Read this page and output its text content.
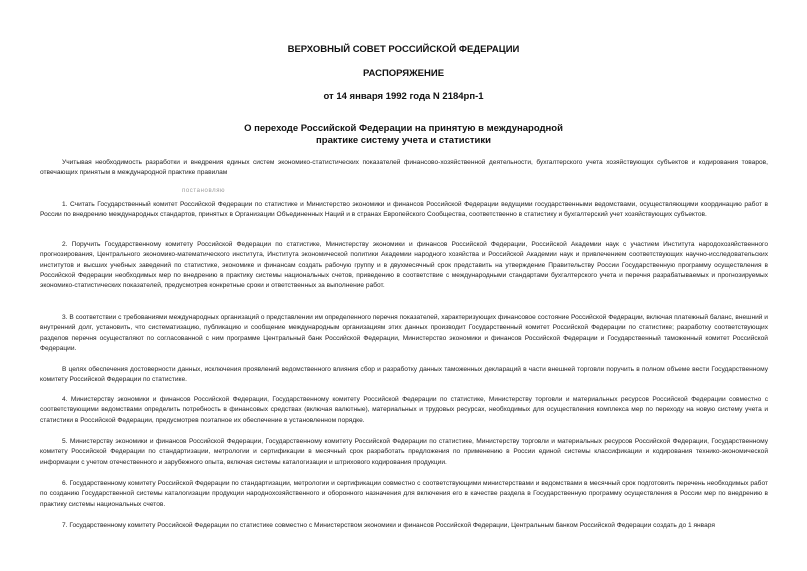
ВЕРХОВНЫЙ СОВЕТ РОССИЙСКОЙ ФЕДЕРАЦИИ
РАСПОРЯЖЕНИЕ
от 14 января 1992 года N 2184рп-1
О переходе Российской Федерации на принятую в международной
практике систему учета и статистики
Учитывая необходимость разработки и внедрения единых систем экономико-статистических показателей финансово-хозяйственной деятельности, бухгалтерского учета хозяйствующих субъектов и кодирования товаров, отвечающих принятым в международной практике правилам
постановляю
1. Считать Государственный комитет Российской Федерации по статистике и Министерство экономики и финансов Российской Федерации ведущими государственными ведомствами, осуществляющими координацию работ в России по внедрению международных стандартов, принятых в Организации Объединенных Наций и в странах Европейского Сообщества, соответственно в статистику и бухгалтерский учет хозяйствующих субъектов.
2. Поручить Государственному комитету Российской Федерации по статистике, Министерству экономики и финансов Российской Федерации, Российской Академии наук с участием Института народохозяйственного прогнозирования, Центрального экономико-математического института, Института экономической политики Академии народного хозяйства и Российской Академии наук и привлечением соответствующих научно-исследовательских институтов и высших учебных заведений по статистике, экономике и финансам создать рабочую группу и в двухмесячный срок представить на утверждение Правительству России Государственную программу осуществления в Российской Федерации необходимых мер по внедрению в практику системы национальных счетов, приведению в соответствие с международными стандартами бухгалтерского учета и перечня разрабатываемых и прогнозируемых экономико-статистических показателей, предусмотрев конкретные сроки и ответственных за выполнение работ.
3. В соответствии с требованиями международных организаций о представлении им определенного перечня показателей, характеризующих финансовое состояние Российской Федерации, включая платежный баланс, внешний и внутренний долг, установить, что систематизацию, публикацию и сообщение международным организациям этих данных производит Государственный комитет Российской Федерации по статистике; разработку соответствующих разделов перечня осуществляют по согласованной с ним программе Центральный банк Российской Федерации, Министерство экономики и финансов Российской Федерации и Государственный таможенный комитет Российской Федерации.
В целях обеспечения достоверности данных, исключения проявлений ведомственного влияния сбор и разработку данных таможенных деклараций в части внешней торговли поручить в полном объеме вести Государственному комитету Российской Федерации по статистике.
4. Министерству экономики и финансов Российской Федерации, Государственному комитету Российской Федерации по статистике, Министерству торговли и материальных ресурсов Российской Федерации совместно с соответствующими ведомствами определить потребность в финансовых средствах (включая валютные), материальных и трудовых ресурсах, необходимых для осуществления комплекса мер по переходу на новую систему учета и статистики в Российской Федерации, предусмотрев поэтапное их обеспечение в установленном порядке.
5. Министерству экономики и финансов Российской Федерации, Государственному комитету Российской Федерации по статистике, Министерству торговли и материальных ресурсов Российской Федерации, Государственному комитету Российской Федерации по стандартизации, метрологии и сертификации в месячный срок разработать предложения по применению в России единой системы классификации и кодирования технико-экономической информации с учетом отечественного и зарубежного опыта, включая системы каталогизации и штрихового кодирования продукции.
6. Государственному комитету Российской Федерации по стандартизации, метрологии и сертификации совместно с соответствующими министерствами и ведомствами в месячный срок подготовить перечень необходимых работ по созданию Государственной системы каталогизации продукции народнохозяйственного и оборонного назначения для включения его в качестве раздела в Государственную программу осуществления в России мер по внедрению в практику системы национальных счетов.
7. Государственному комитету Российской Федерации по статистике совместно с Министерством экономики и финансов Российской Федерации, Центральным банком Российской Федерации создать до 1 января
